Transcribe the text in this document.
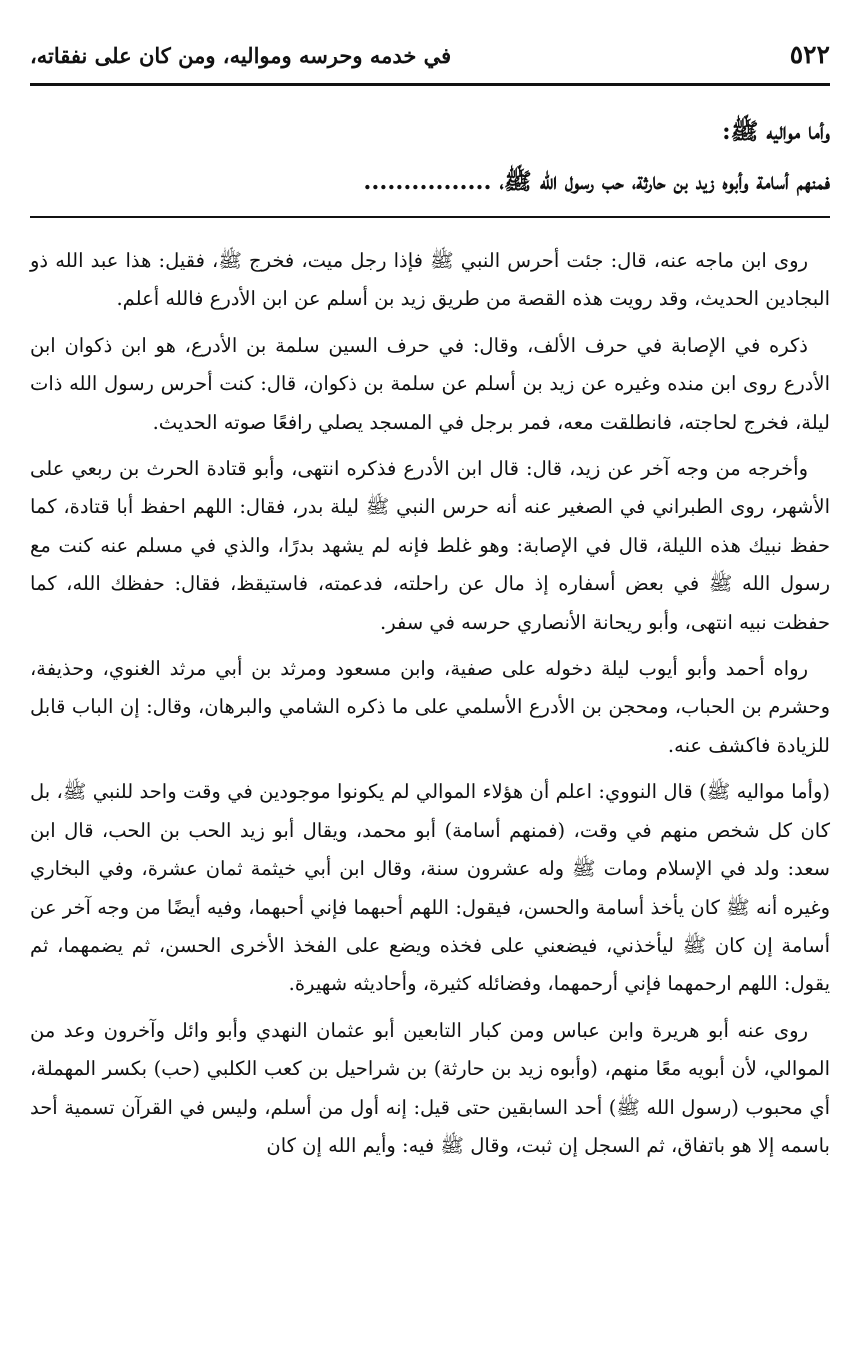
٥٢٢
في خدمه وحرسه ومواليه، ومن كان على نفقاته،

وأما مواليه ﷺ:

فمنهم أسامة وأبوه زيد بن حارثة، حب رسول الله ﷺ، ................

روى ابن ماجه عنه، قال: جئت أحرس النبي ﷺ فإذا رجل ميت، فخرج ﷺ، فقيل: هذا عبد الله ذو البجادين الحديث، وقد رويت هذه القصة من طريق زيد بن أسلم عن ابن الأدرع فالله أعلم.

ذكره في الإصابة في حرف الألف، وقال: في حرف السين سلمة بن الأدرع، هو ابن ذكوان ابن الأدرع روى ابن منده وغيره عن زيد بن أسلم عن سلمة بن ذكوان، قال: كنت أحرس رسول الله ذات ليلة، فخرج لحاجته، فانطلقت معه، فمر برجل في المسجد يصلي رافعًا صوته الحديث.

وأخرجه من وجه آخر عن زيد، قال: قال ابن الأدرع فذكره انتهى، وأبو قتادة الحرث بن ربعي على الأشهر، روى الطبراني في الصغير عنه أنه حرس النبي ﷺ ليلة بدر، فقال: اللهم احفظ أبا قتادة، كما حفظ نبيك هذه الليلة، قال في الإصابة: وهو غلط فإنه لم يشهد بدرًا، والذي في مسلم عنه كنت مع رسول الله ﷺ في بعض أسفاره إذ مال عن راحلته، فدعمته، فاستيقظ، فقال: حفظك الله، كما حفظت نبيه انتهى، وأبو ريحانة الأنصاري حرسه في سفر.

رواه أحمد وأبو أيوب ليلة دخوله على صفية، وابن مسعود ومرثد بن أبي مرثد الغنوي، وحذيفة، وحشرم بن الحباب، ومحجن بن الأدرع الأسلمي على ما ذكره الشامي والبرهان، وقال: إن الباب قابل للزيادة فاكشف عنه.

(وأما مواليه ﷺ) قال النووي: اعلم أن هؤلاء الموالي لم يكونوا موجودين في وقت واحد للنبي ﷺ، بل كان كل شخص منهم في وقت، (فمنهم أسامة) أبو محمد، ويقال أبو زيد الحب بن الحب، قال ابن سعد: ولد في الإسلام ومات ﷺ وله عشرون سنة، وقال ابن أبي خيثمة ثمان عشرة، وفي البخاري وغيره أنه ﷺ كان يأخذ أسامة والحسن، فيقول: اللهم أحبهما فإني أحبهما، وفيه أيضًا من وجه آخر عن أسامة إن كان ﷺ ليأخذني، فيضعني على فخذه ويضع على الفخذ الأخرى الحسن، ثم يضمهما، ثم يقول: اللهم ارحمهما فإني أرحمهما، وفضائله كثيرة، وأحاديثه شهيرة.

روى عنه أبو هريرة وابن عباس ومن كبار التابعين أبو عثمان النهدي وأبو وائل وآخرون وعد من الموالي، لأن أبويه معًا منهم، (وأبوه زيد بن حارثة) بن شراحيل بن كعب الكلبي (حب) بكسر المهملة، أي محبوب (رسول الله ﷺ) أحد السابقين حتى قيل: إنه أول من أسلم، وليس في القرآن تسمية أحد باسمه إلا هو باتفاق، ثم السجل إن ثبت، وقال ﷺ فيه: وأيم الله إن كان
